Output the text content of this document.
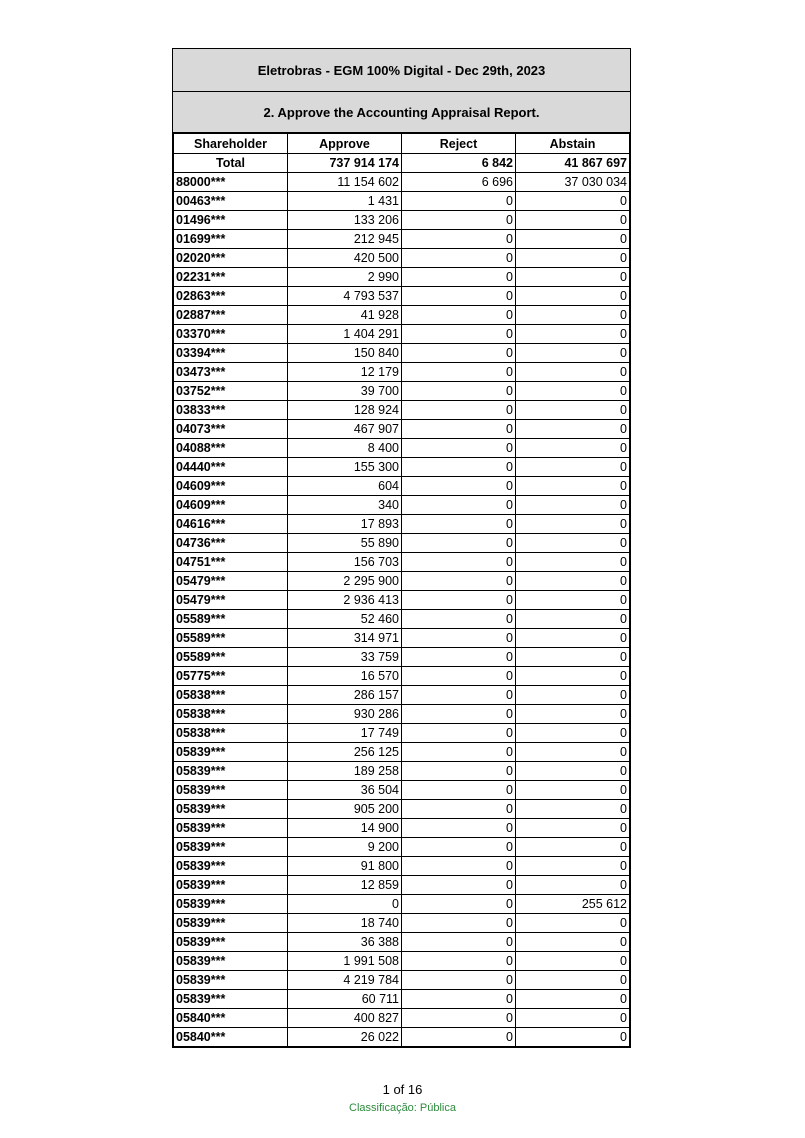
Eletrobras - EGM 100% Digital - Dec 29th, 2023
2. Approve the Accounting Appraisal Report.
Shareholder	Approve	Reject	Abstain
Total	737 914 174	6 842	41 867 697
88000***	11 154 602	6 696	37 030 034
00463***	1 431	0	0
01496***	133 206	0	0
01699***	212 945	0	0
02020***	420 500	0	0
02231***	2 990	0	0
02863***	4 793 537	0	0
02887***	41 928	0	0
03370***	1 404 291	0	0
03394***	150 840	0	0
03473***	12 179	0	0
03752***	39 700	0	0
03833***	128 924	0	0
04073***	467 907	0	0
04088***	8 400	0	0
04440***	155 300	0	0
04609***	604	0	0
04609***	340	0	0
04616***	17 893	0	0
04736***	55 890	0	0
04751***	156 703	0	0
05479***	2 295 900	0	0
05479***	2 936 413	0	0
05589***	52 460	0	0
05589***	314 971	0	0
05589***	33 759	0	0
05775***	16 570	0	0
05838***	286 157	0	0
05838***	930 286	0	0
05838***	17 749	0	0
05839***	256 125	0	0
05839***	189 258	0	0
05839***	36 504	0	0
05839***	905 200	0	0
05839***	14 900	0	0
05839***	9 200	0	0
05839***	91 800	0	0
05839***	12 859	0	0
05839***	0	0	255 612
05839***	18 740	0	0
05839***	36 388	0	0
05839***	1 991 508	0	0
05839***	4 219 784	0	0
05839***	60 711	0	0
05840***	400 827	0	0
05840***	26 022	0	0
1 of 16
Classificação: Pública
